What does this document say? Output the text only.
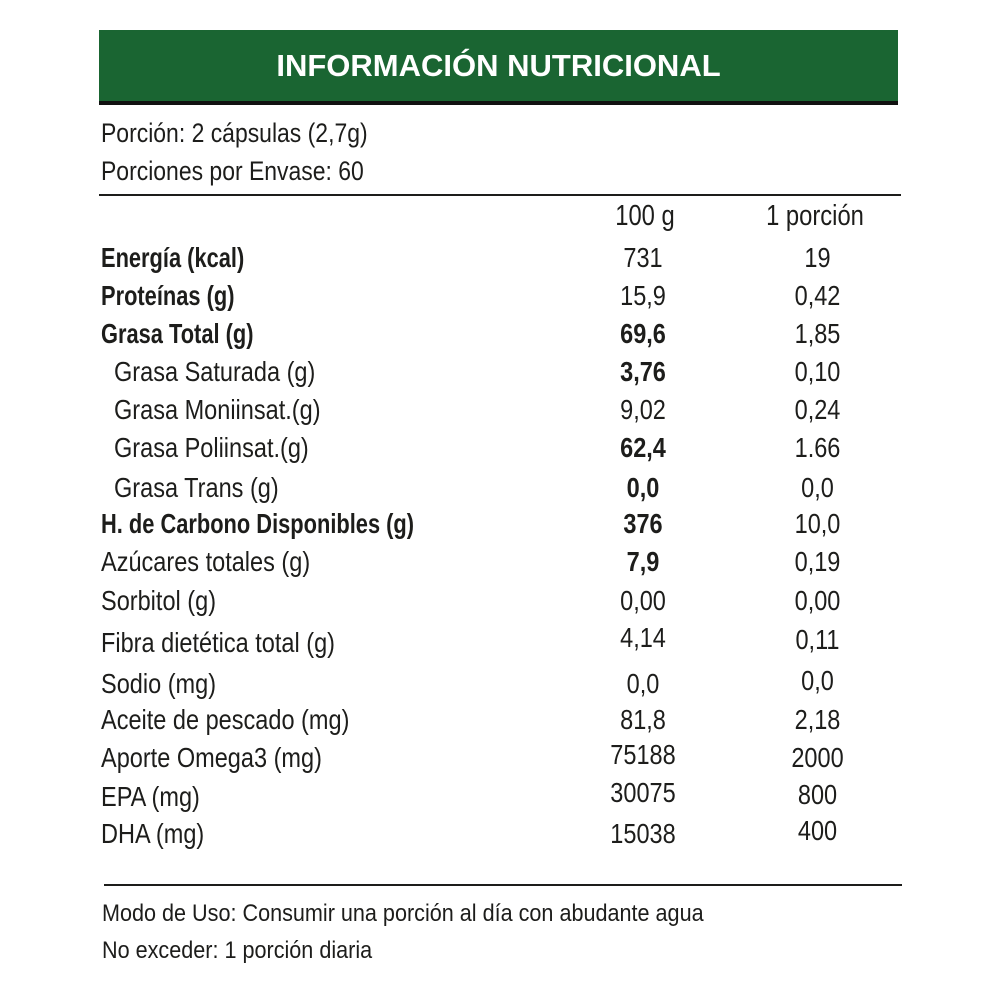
INFORMACIÓN NUTRICIONAL
Porción: 2 cápsulas (2,7g)
Porciones por Envase: 60
100 g	1 porción
Energía (kcal)	731	19
Proteínas (g)	15,9	0,42
Grasa Total (g)	69,6	1,85
Grasa Saturada (g)	3,76	0,10
Grasa Moniinsat.(g)	9,02	0,24
Grasa Poliinsat.(g)	62,4	1.66
Grasa Trans (g)	0,0	0,0
H. de Carbono Disponibles (g)	376	10,0
Azúcares totales (g)	7,9	0,19
Sorbitol (g)	0,00	0,00
Fibra dietética total (g)	4,14	0,11
Sodio (mg)	0,0	0,0
Aceite de pescado (mg)	81,8	2,18
Aporte Omega3 (mg)	75188	2000
EPA (mg)	30075	800
DHA (mg)	15038	400
Modo de Uso: Consumir una porción al día con abudante agua
No exceder: 1 porción diaria
